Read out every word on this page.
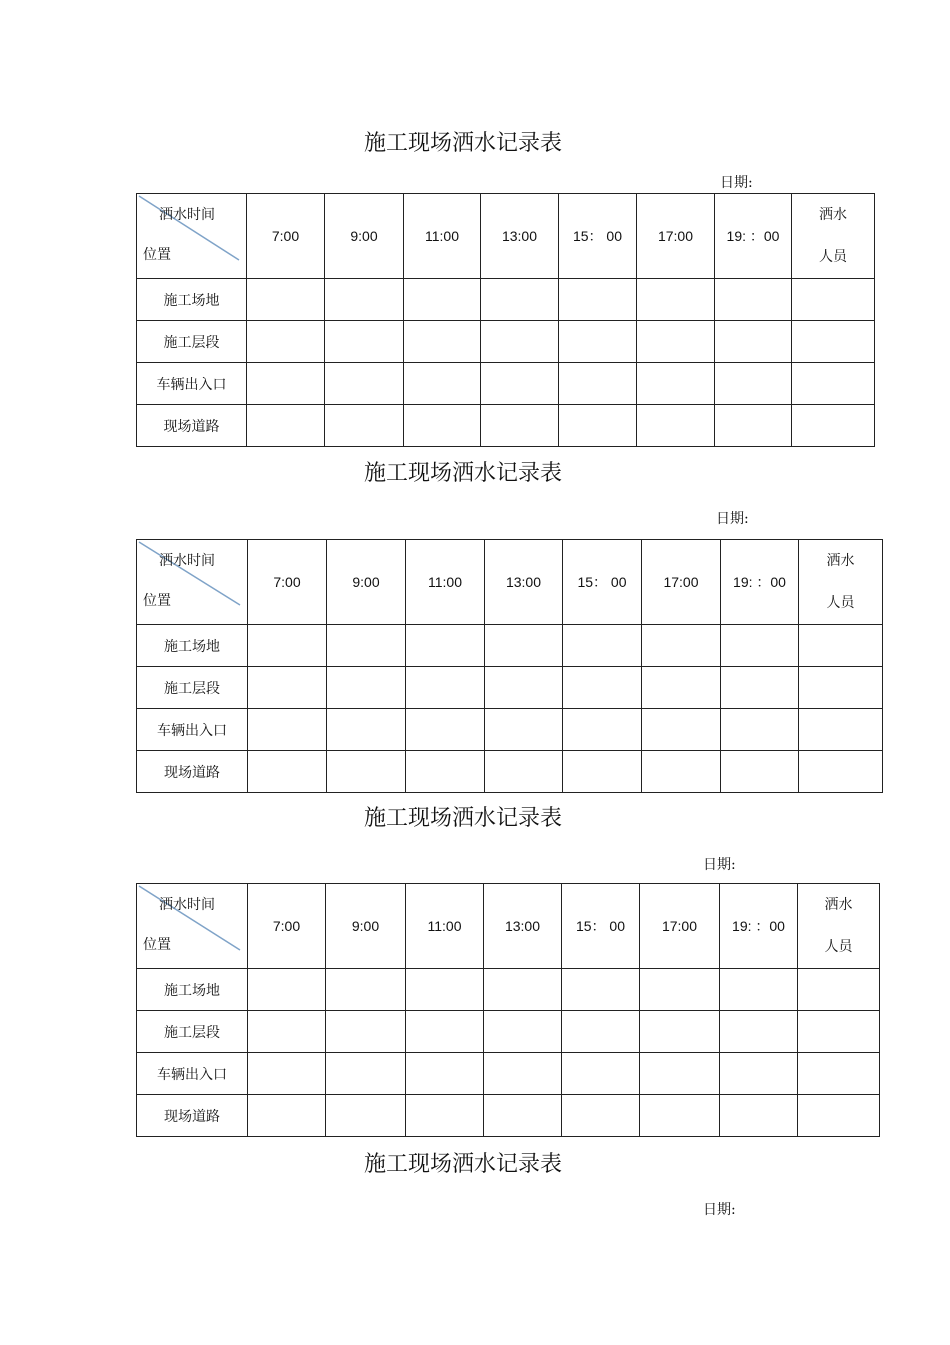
施工现场洒水记录表
日期:
洒水时间
位置	7:00	9:00	11:00	13:00	15： 00	17:00	19: ：00	洒水
人员

施工场地								
施工层段								
车辆出入口								
现场道路								
施工现场洒水记录表
日期:
洒水时间
位置	7:00	9:00	11:00	13:00	15： 00	17:00	19: ：00	洒水
人员

施工场地								
施工层段								
车辆出入口								
现场道路								
施工现场洒水记录表
日期:
洒水时间
位置	7:00	9:00	11:00	13:00	15： 00	17:00	19: ：00	洒水
人员

施工场地								
施工层段								
车辆出入口								
现场道路								
施工现场洒水记录表
日期:
